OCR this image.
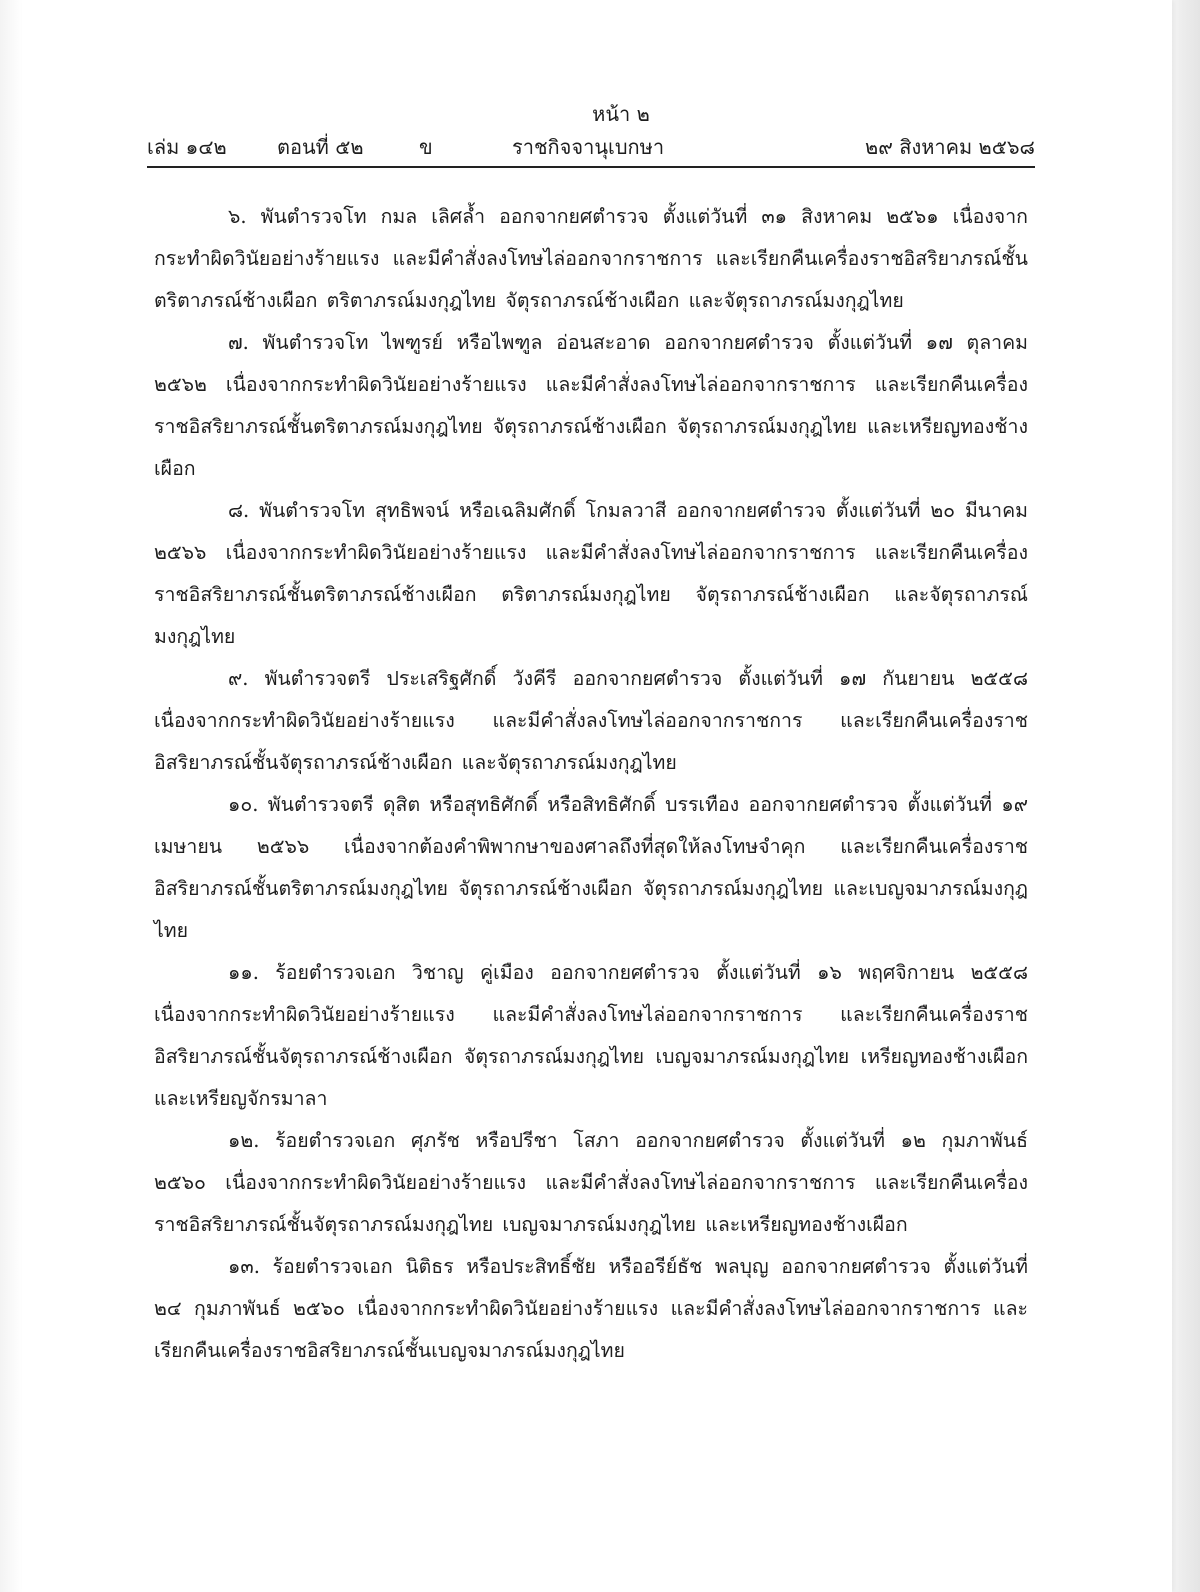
หน้า ๒
เล่ม ๑๔๒	ตอนที่ ๕๒	ข	ราชกิจจานุเบกษา	๒๙ สิงหาคม ๒๕๖๘

๖. พันตำรวจโท กมล เลิศล้ำ ออกจากยศตำรวจ ตั้งแต่วันที่ ๓๑ สิงหาคม ๒๕๖๑ เนื่องจากกระทำผิดวินัยอย่างร้ายแรง และมีคำสั่งลงโทษไล่ออกจากราชการ และเรียกคืนเครื่องราชอิสริยาภรณ์ชั้นตริตาภรณ์ช้างเผือก ตริตาภรณ์มงกุฎไทย จัตุรถาภรณ์ช้างเผือก และจัตุรถาภรณ์มงกุฎไทย

๗. พันตำรวจโท ไพฑูรย์ หรือไพฑูล อ่อนสะอาด ออกจากยศตำรวจ ตั้งแต่วันที่ ๑๗ ตุลาคม ๒๕๖๒ เนื่องจากกระทำผิดวินัยอย่างร้ายแรง และมีคำสั่งลงโทษไล่ออกจากราชการ และเรียกคืนเครื่องราชอิสริยาภรณ์ชั้นตริตาภรณ์มงกุฎไทย จัตุรถาภรณ์ช้างเผือก จัตุรถาภรณ์มงกุฎไทย และเหรียญทองช้างเผือก

๘. พันตำรวจโท สุทธิพจน์ หรือเฉลิมศักดิ์ โกมลวาสี ออกจากยศตำรวจ ตั้งแต่วันที่ ๒๐ มีนาคม ๒๕๖๖ เนื่องจากกระทำผิดวินัยอย่างร้ายแรง และมีคำสั่งลงโทษไล่ออกจากราชการ และเรียกคืนเครื่องราชอิสริยาภรณ์ชั้นตริตาภรณ์ช้างเผือก ตริตาภรณ์มงกุฎไทย จัตุรถาภรณ์ช้างเผือก และจัตุรถาภรณ์มงกุฎไทย

๙. พันตำรวจตรี ประเสริฐศักดิ์ วังคีรี ออกจากยศตำรวจ ตั้งแต่วันที่ ๑๗ กันยายน ๒๕๕๘ เนื่องจากกระทำผิดวินัยอย่างร้ายแรง และมีคำสั่งลงโทษไล่ออกจากราชการ และเรียกคืนเครื่องราชอิสริยาภรณ์ชั้นจัตุรถาภรณ์ช้างเผือก และจัตุรถาภรณ์มงกุฎไทย

๑๐. พันตำรวจตรี ดุสิต หรือสุทธิศักดิ์ หรือสิทธิศักดิ์ บรรเทือง ออกจากยศตำรวจ ตั้งแต่วันที่ ๑๙ เมษายน ๒๕๖๖ เนื่องจากต้องคำพิพากษาของศาลถึงที่สุดให้ลงโทษจำคุก และเรียกคืนเครื่องราชอิสริยาภรณ์ชั้นตริตาภรณ์มงกุฎไทย จัตุรถาภรณ์ช้างเผือก จัตุรถาภรณ์มงกุฎไทย และเบญจมาภรณ์มงกุฎไทย

๑๑. ร้อยตำรวจเอก วิชาญ คู่เมือง ออกจากยศตำรวจ ตั้งแต่วันที่ ๑๖ พฤศจิกายน ๒๕๕๘ เนื่องจากกระทำผิดวินัยอย่างร้ายแรง และมีคำสั่งลงโทษไล่ออกจากราชการ และเรียกคืนเครื่องราชอิสริยาภรณ์ชั้นจัตุรถาภรณ์ช้างเผือก จัตุรถาภรณ์มงกุฎไทย เบญจมาภรณ์มงกุฎไทย เหรียญทองช้างเผือก และเหรียญจักรมาลา

๑๒. ร้อยตำรวจเอก ศุภรัช หรือปรีชา โสภา ออกจากยศตำรวจ ตั้งแต่วันที่ ๑๒ กุมภาพันธ์ ๒๕๖๐ เนื่องจากกระทำผิดวินัยอย่างร้ายแรง และมีคำสั่งลงโทษไล่ออกจากราชการ และเรียกคืนเครื่องราชอิสริยาภรณ์ชั้นจัตุรถาภรณ์มงกุฎไทย เบญจมาภรณ์มงกุฎไทย และเหรียญทองช้างเผือก

๑๓. ร้อยตำรวจเอก นิติธร หรือประสิทธิ์ชัย หรืออรีย์ธัช พลบุญ ออกจากยศตำรวจ ตั้งแต่วันที่ ๒๔ กุมภาพันธ์ ๒๕๖๐ เนื่องจากกระทำผิดวินัยอย่างร้ายแรง และมีคำสั่งลงโทษไล่ออกจากราชการ และเรียกคืนเครื่องราชอิสริยาภรณ์ชั้นเบญจมาภรณ์มงกุฎไทย
